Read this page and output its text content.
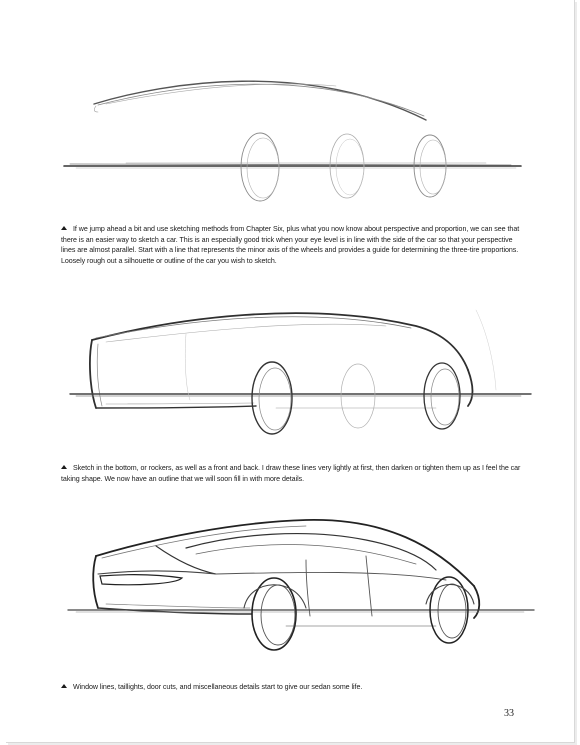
If we jump ahead a bit and use sketching methods from Chapter Six, plus what you now know about perspective and proportion, we can see that there is an easier way to sketch a car. This is an especially good trick when your eye level is in line with the side of the car so that your perspective lines are almost parallel. Start with a line that represents the minor axis of the wheels and provides a guide for determining the three-tire proportions. Loosely rough out a silhouette or outline of the car you wish to sketch.

Sketch in the bottom, or rockers, as well as a front and back. I draw these lines very lightly at first, then darken or tighten them up as I feel the car taking shape. We now have an outline that we will soon fill in with more details.

Window lines, taillights, door cuts, and miscellaneous details start to give our sedan some life.

33
